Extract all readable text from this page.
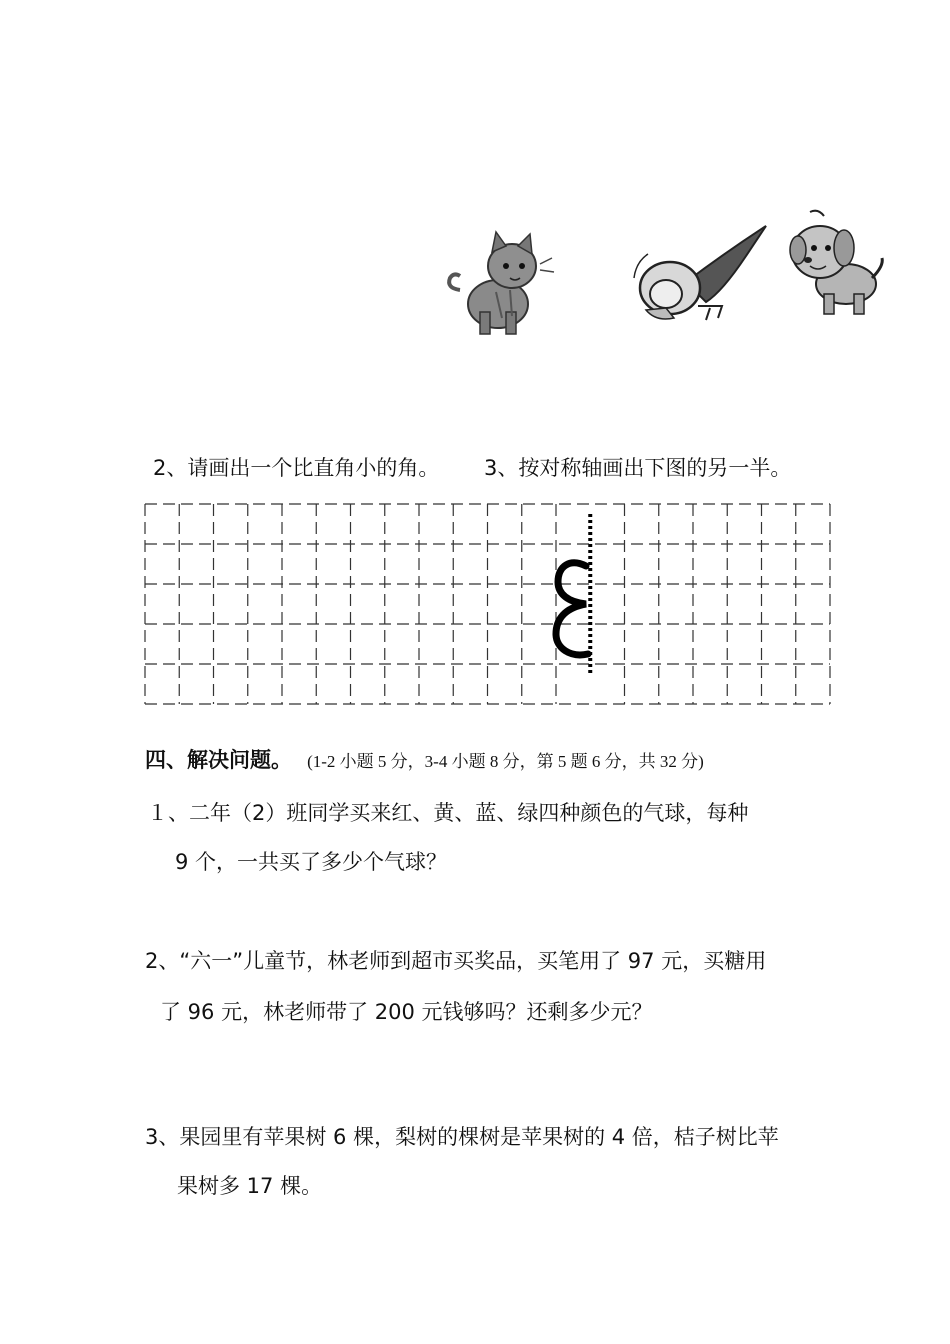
2、请画出一个比直角小的角。 3、按对称轴画出下图的另一半。
四、解决问题。 (1-2 小题 5 分，3-4 小题 8 分，第 5 题 6 分，共 32 分)
１、二年（2）班同学买来红、黄、蓝、绿四种颜色的气球，每种
9 个，一共买了多少个气球？
2、“六一”儿童节，林老师到超市买奖品，买笔用了 97 元，买糖用
了 96 元，林老师带了 200 元钱够吗？还剩多少元？
3、果园里有苹果树 6 棵，梨树的棵树是苹果树的 4 倍，桔子树比苹
果树多 17 棵。
